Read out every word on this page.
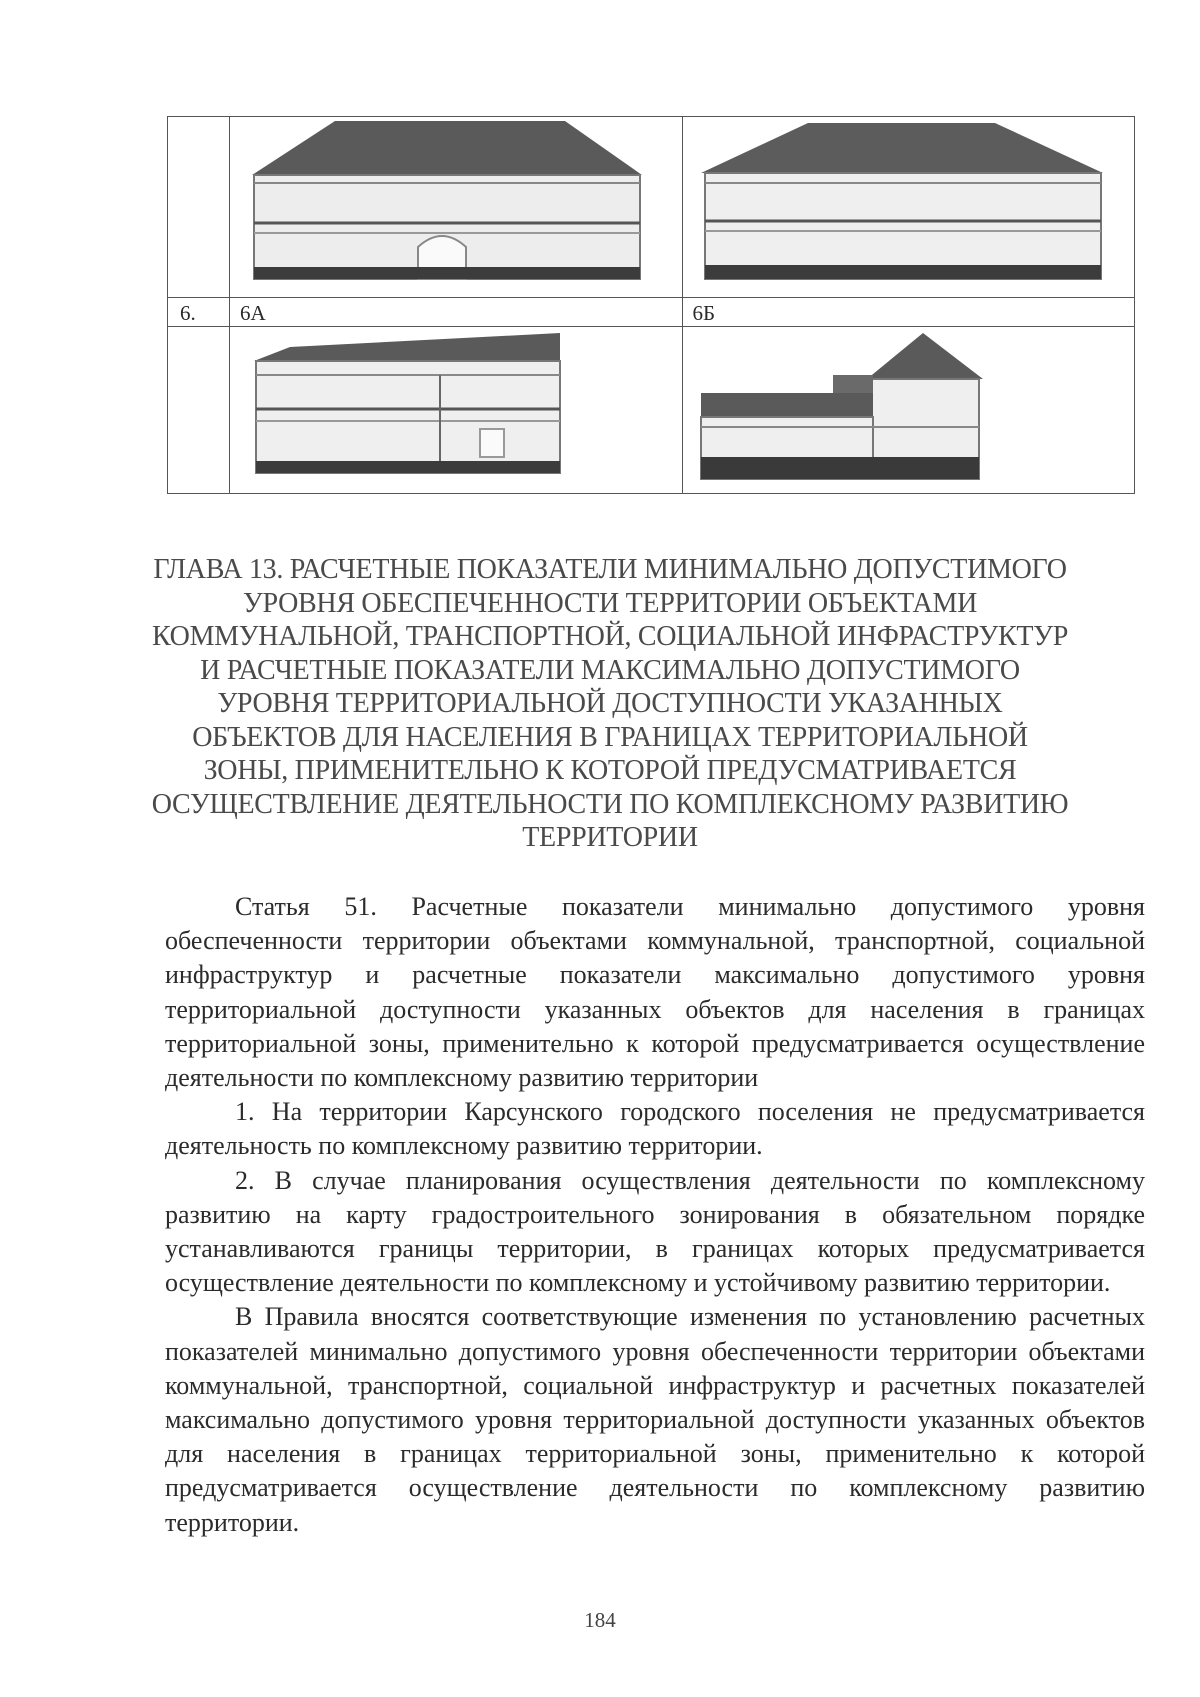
6.	6А	6Б

ГЛАВА 13. РАСЧЕТНЫЕ ПОКАЗАТЕЛИ МИНИМАЛЬНО ДОПУСТИМОГО УРОВНЯ ОБЕСПЕЧЕННОСТИ ТЕРРИТОРИИ ОБЪЕКТАМИ КОММУНАЛЬНОЙ, ТРАНСПОРТНОЙ, СОЦИАЛЬНОЙ ИНФРАСТРУКТУР И РАСЧЕТНЫЕ ПОКАЗАТЕЛИ МАКСИМАЛЬНО ДОПУСТИМОГО УРОВНЯ ТЕРРИТОРИАЛЬНОЙ ДОСТУПНОСТИ УКАЗАННЫХ ОБЪЕКТОВ ДЛЯ НАСЕЛЕНИЯ В ГРАНИЦАХ ТЕРРИТОРИАЛЬНОЙ ЗОНЫ, ПРИМЕНИТЕЛЬНО К КОТОРОЙ ПРЕДУСМАТРИВАЕТСЯ ОСУЩЕСТВЛЕНИЕ ДЕЯТЕЛЬНОСТИ ПО КОМПЛЕКСНОМУ РАЗВИТИЮ ТЕРРИТОРИИ

Статья 51. Расчетные показатели минимально допустимого уровня обеспеченности территории объектами коммунальной, транспортной, социальной инфраструктур и расчетные показатели максимально допустимого уровня территориальной доступности указанных объектов для населения в границах территориальной зоны, применительно к которой предусматривается осуществление деятельности по комплексному развитию территории

1. На территории Карсунского городского поселения не предусматривается деятельность по комплексному развитию территории.

2. В случае планирования осуществления деятельности по комплексному развитию на карту градостроительного зонирования в обязательном порядке устанавливаются границы территории, в границах которых предусматривается осуществление деятельности по комплексному и устойчивому развитию территории.

В Правила вносятся соответствующие изменения по установлению расчетных показателей минимально допустимого уровня обеспеченности территории объектами коммунальной, транспортной, социальной инфраструктур и расчетных показателей максимально допустимого уровня территориальной доступности указанных объектов для населения в границах территориальной зоны, применительно к которой предусматривается осуществление деятельности по комплексному развитию территории.

184
